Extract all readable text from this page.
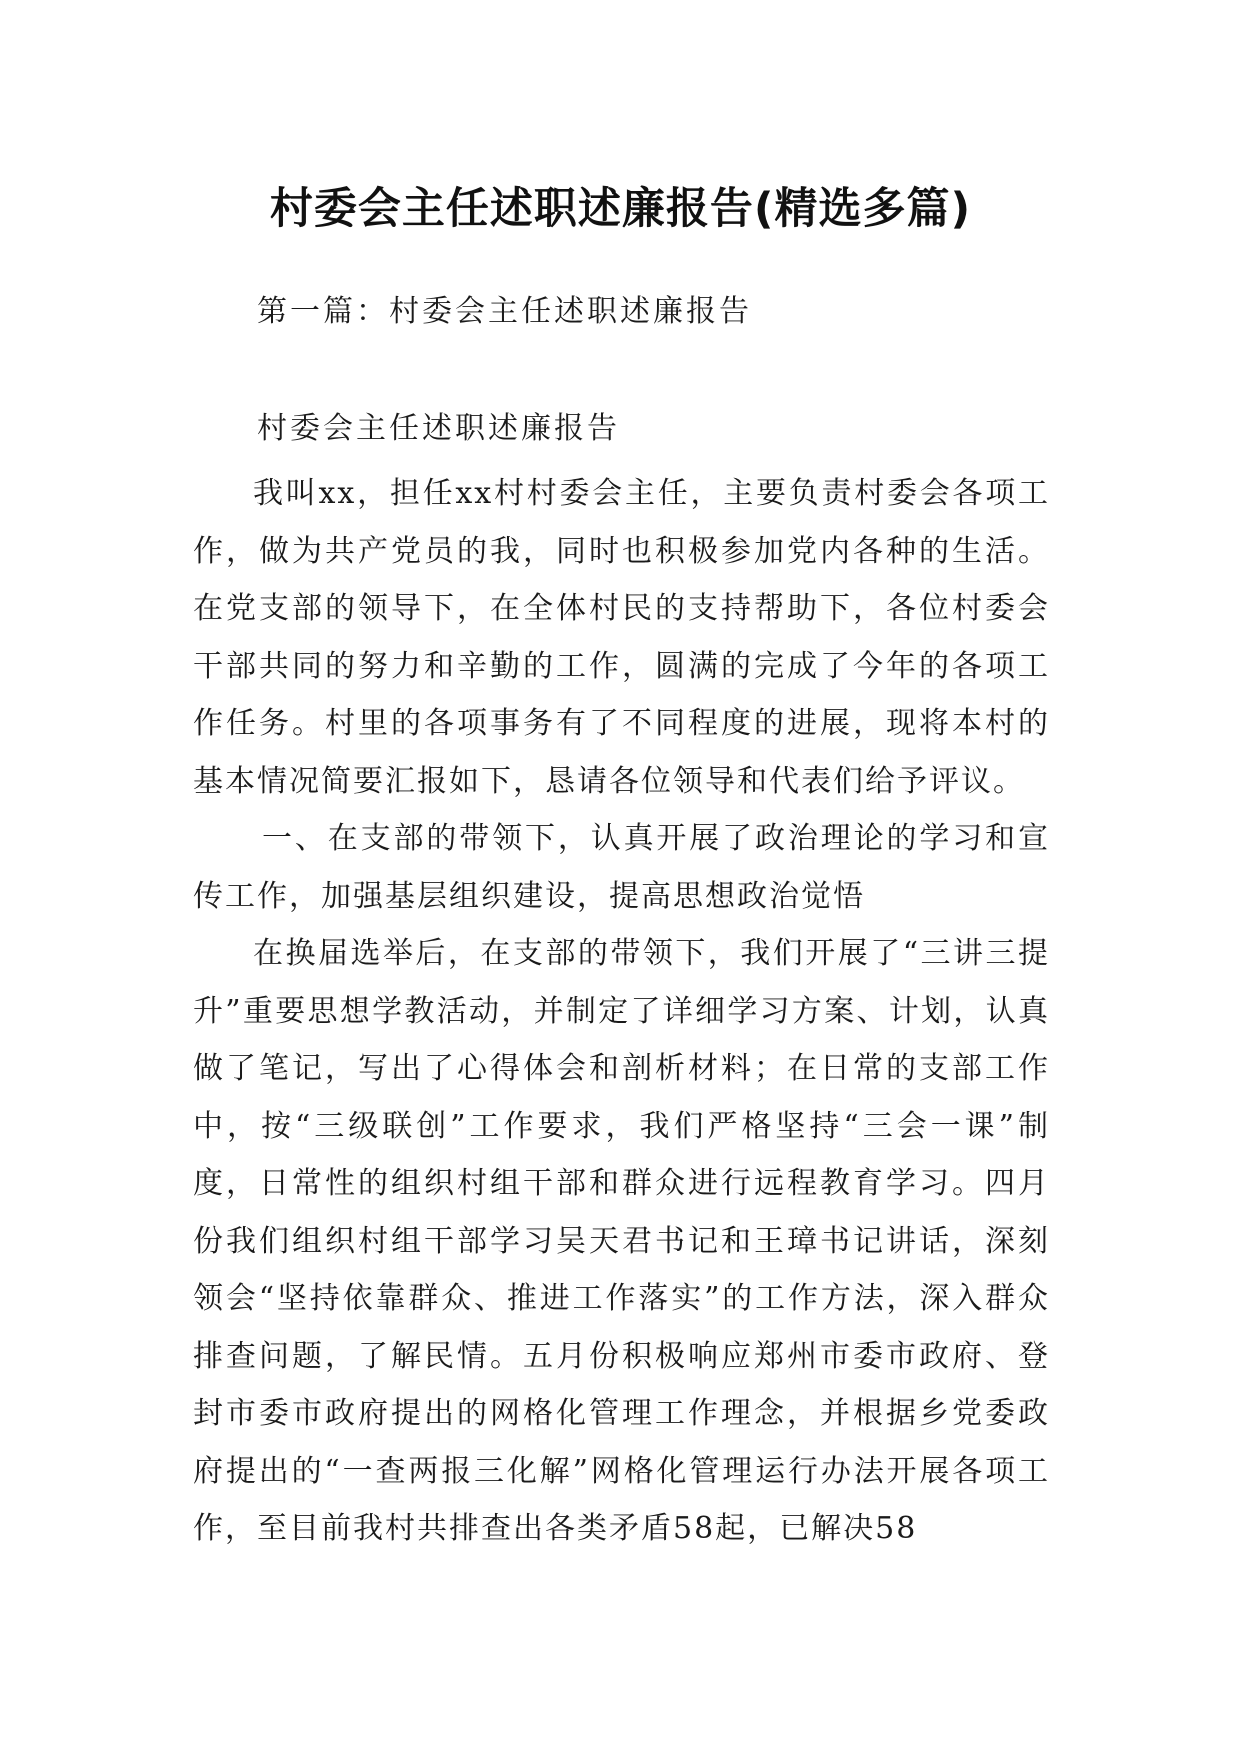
村委会主任述职述廉报告(精选多篇)
第一篇：村委会主任述职述廉报告
村委会主任述职述廉报告

我叫xx，担任xx村村委会主任，主要负责村委会各项工作，做为共产党员的我，同时也积极参加党内各种的生活。在党支部的领导下，在全体村民的支持帮助下，各位村委会干部共同的努力和辛勤的工作，圆满的完成了今年的各项工作任务。村里的各项事务有了不同程度的进展，现将本村的基本情况简要汇报如下，恳请各位领导和代表们给予评议。

一、在支部的带领下，认真开展了政治理论的学习和宣传工作，加强基层组织建设，提高思想政治觉悟

在换届选举后，在支部的带领下，我们开展了“三讲三提升”重要思想学教活动，并制定了详细学习方案、计划，认真做了笔记，写出了心得体会和剖析材料；在日常的支部工作中，按“三级联创”工作要求，我们严格坚持“三会一课”制度，日常性的组织村组干部和群众进行远程教育学习。四月份我们组织村组干部学习吴天君书记和王璋书记讲话，深刻领会“坚持依靠群众、推进工作落实”的工作方法，深入群众排查问题，了解民情。五月份积极响应郑州市委市政府、登封市委市政府提出的网格化管理工作理念，并根据乡党委政府提出的“一查两报三化解”网格化管理运行办法开展各项工作，至目前我村共排查出各类矛盾58起，已解决58
